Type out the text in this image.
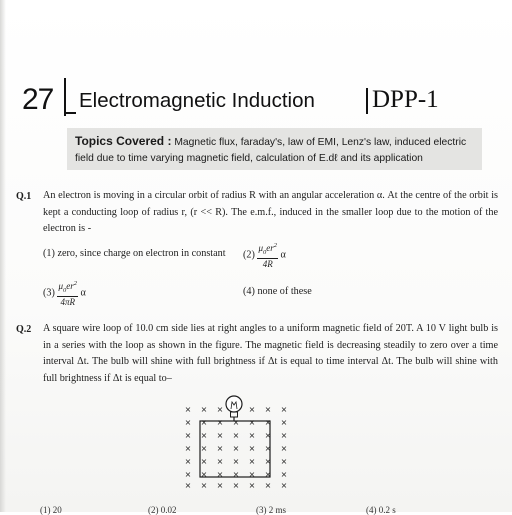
27 Electromagnetic Induction DPP-1
Topics Covered : Magnetic flux, faraday's, law of EMI, Lenz's law, induced electric field due to time varying magnetic field, calculation of E.dℓ and its application
Q.1 An electron is moving in a circular orbit of radius R with an angular acceleration α. At the centre of the orbit is kept a conducting loop of radius r, (r << R). The e.m.f., induced in the smaller loop due to the motion of the electron is -
(1) zero, since charge on electron in constant $(2) \frac{\mu_0er^2}{4R}$ α
$(3) \frac{\mu_0er^2}{4\pi R}$ α	(4) none of these
Q.2 A square wire loop of 10.0 cm side lies at right angles to a uniform magnetic field of 20T. A 10 V light bulb is in a series with the loop as shown in the figure. The magnetic field is decreasing steadily to zero over a time interval Δt. The bulb will shine with full brightness if Δt is equal to time interval Δt. The bulb will shine with full brightness if Δt is equal to–
× × ×	× × ×
× × × × × × ×
× × × × × × ×
× × × × × × ×
× × × × × × ×
× × × × × × ×
× × × × × × ×
(1) 20	(2) 0.02	(3) 2 ms	(4) 0.2 s
